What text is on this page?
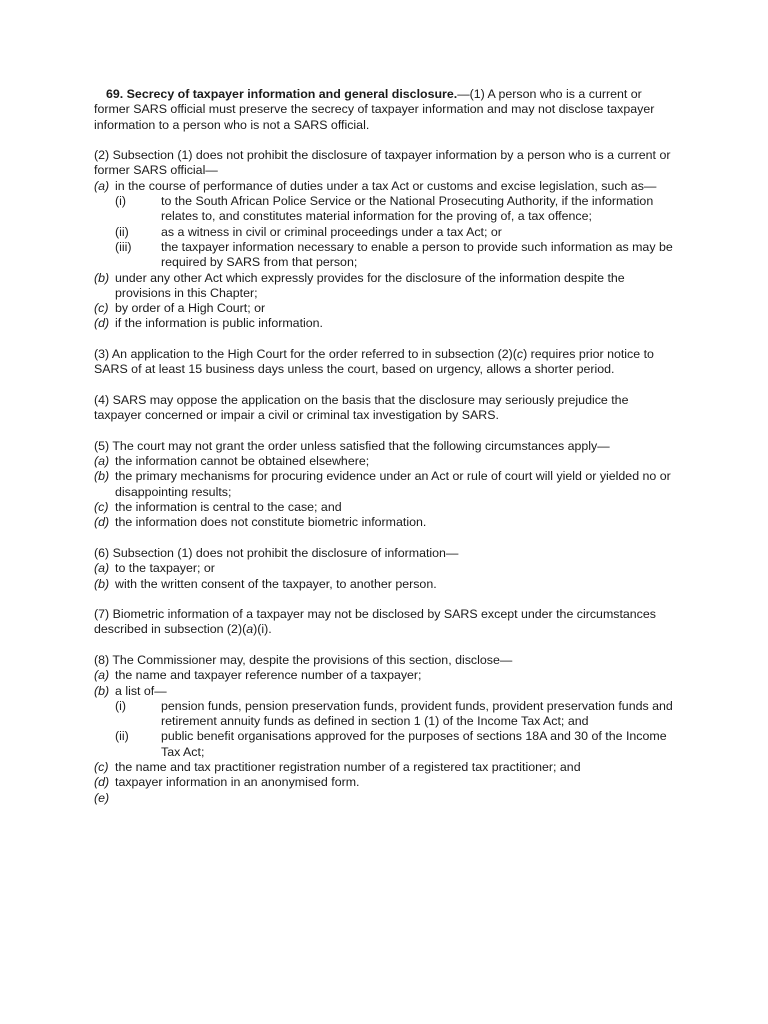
69. Secrecy of taxpayer information and general disclosure.—(1) A person who is a current or former SARS official must preserve the secrecy of taxpayer information and may not disclose taxpayer information to a person who is not a SARS official.

(2) Subsection (1) does not prohibit the disclosure of taxpayer information by a person who is a current or former SARS official—

(a) in the course of performance of duties under a tax Act or customs and excise legislation, such as—
(i)	to the South African Police Service or the National Prosecuting Authority, if the information relates to, and constitutes material information for the proving of, a tax offence;
(ii)	as a witness in civil or criminal proceedings under a tax Act; or
(iii)	the taxpayer information necessary to enable a person to provide such information as may be required by SARS from that person;
(b) under any other Act which expressly provides for the disclosure of the information despite the provisions in this Chapter;
(c) by order of a High Court; or
(d) if the information is public information.

(3) An application to the High Court for the order referred to in subsection (2)(c) requires prior notice to SARS of at least 15 business days unless the court, based on urgency, allows a shorter period.

(4) SARS may oppose the application on the basis that the disclosure may seriously prejudice the taxpayer concerned or impair a civil or criminal tax investigation by SARS.

(5) The court may not grant the order unless satisfied that the following circumstances apply—

(a) the information cannot be obtained elsewhere;
(b) the primary mechanisms for procuring evidence under an Act or rule of court will yield or yielded no or disappointing results;
(c) the information is central to the case; and
(d) the information does not constitute biometric information.

(6) Subsection (1) does not prohibit the disclosure of information—

(a) to the taxpayer; or
(b) with the written consent of the taxpayer, to another person.

(7) Biometric information of a taxpayer may not be disclosed by SARS except under the circumstances described in subsection (2)(a)(i).

(8) The Commissioner may, despite the provisions of this section, disclose—

(a) the name and taxpayer reference number of a taxpayer;
(b) a list of—
(i)	pension funds, pension preservation funds, provident funds, provident preservation funds and retirement annuity funds as defined in section 1 (1) of the Income Tax Act; and
(ii)	public benefit organisations approved for the purposes of sections 18A and 30 of the Income Tax Act;
(c) the name and tax practitioner registration number of a registered tax practitioner; and
(d) taxpayer information in an anonymised form.
(e)
